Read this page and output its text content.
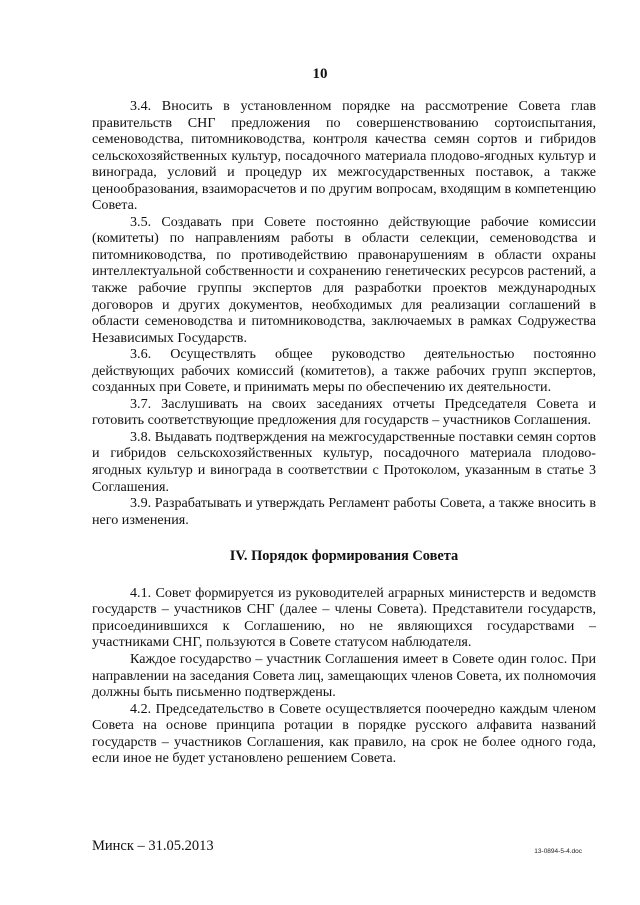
10

3.4. Вносить в установленном порядке на рассмотрение Совета глав правительств СНГ предложения по совершенствованию сортоиспытания, семеноводства, питомниководства, контроля качества семян сортов и гибридов сельскохозяйственных культур, посадочного материала плодово-ягодных культур и винограда, условий и процедур их межгосударственных поставок, а также ценообразования, взаиморасчетов и по другим вопросам, входящим в компетенцию Совета.

3.5. Создавать при Совете постоянно действующие рабочие комиссии (комитеты) по направлениям работы в области селекции, семеноводства и питомниководства, по противодействию правонарушениям в области охраны интеллектуальной собственности и сохранению генетических ресурсов растений, а также рабочие группы экспертов для разработки проектов международных договоров и других документов, необходимых для реализации соглашений в области семеноводства и питомниководства, заключаемых в рамках Содружества Независимых Государств.

3.6. Осуществлять общее руководство деятельностью постоянно действующих рабочих комиссий (комитетов), а также рабочих групп экспертов, созданных при Совете, и принимать меры по обеспечению их деятельности.

3.7. Заслушивать на своих заседаниях отчеты Председателя Совета и готовить соответствующие предложения для государств – участников Соглашения.

3.8. Выдавать подтверждения на межгосударственные поставки семян сортов и гибридов сельскохозяйственных культур, посадочного материала плодово-ягодных культур и винограда в соответствии с Протоколом, указанным в статье 3 Соглашения.

3.9. Разрабатывать и утверждать Регламент работы Совета, а также вносить в него изменения.

IV. Порядок формирования Совета

4.1. Совет формируется из руководителей аграрных министерств и ведомств государств – участников СНГ (далее – члены Совета). Представители государств, присоединившихся к Соглашению, но не являющихся государствами – участниками СНГ, пользуются в Совете статусом наблюдателя.

Каждое государство – участник Соглашения имеет в Совете один голос. При направлении на заседания Совета лиц, замещающих членов Совета, их полномочия должны быть письменно подтверждены.

4.2. Председательство в Совете осуществляется поочередно каждым членом Совета на основе принципа ротации в порядке русского алфавита названий государств – участников Соглашения, как правило, на срок не более одного года, если иное не будет установлено решением Совета.

Минск – 31.05.2013	13-0894-5-4.doc
